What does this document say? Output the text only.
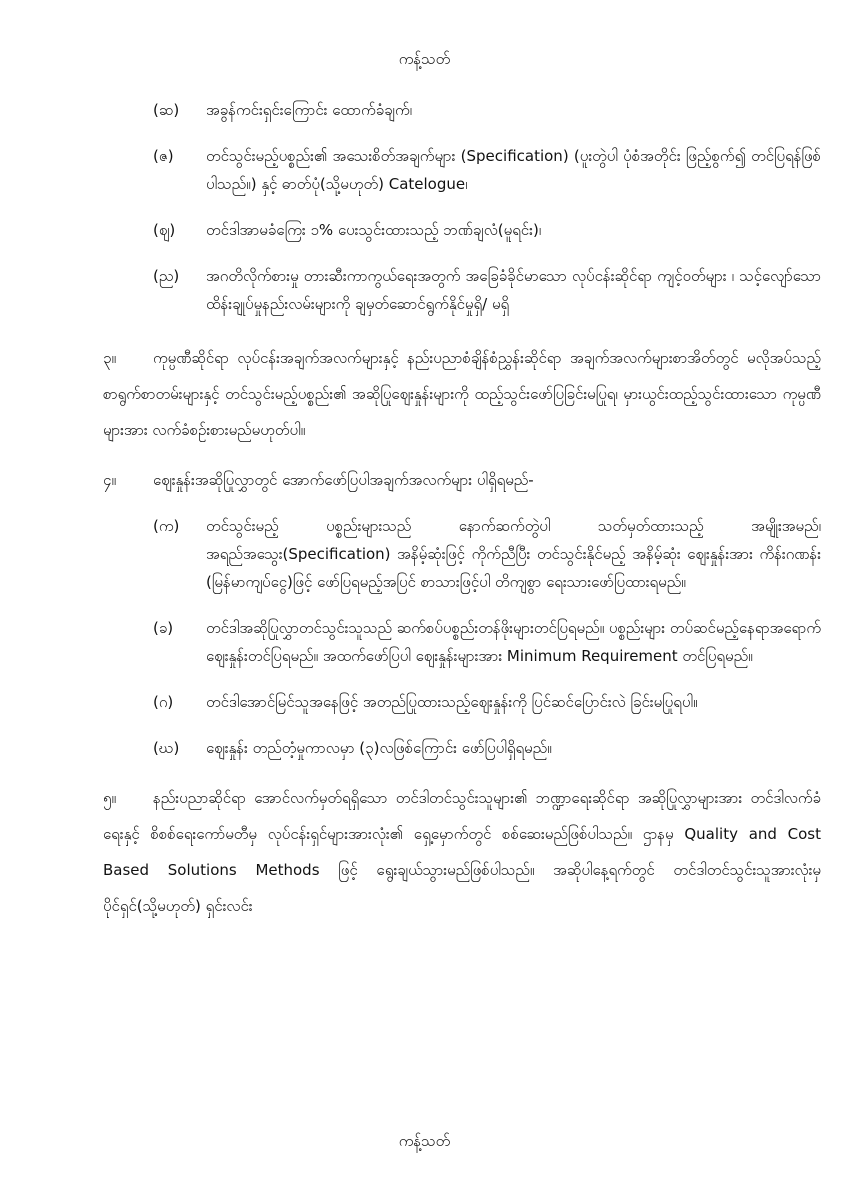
ကန့်သတ်
(ဆ)	အခွန်ကင်းရှင်းကြောင်း ထောက်ခံချက်၊
(ဇ)	တင်သွင်းမည့်ပစ္စည်း၏ အသေးစိတ်အချက်များ (Specification) (ပူးတွဲပါ ပုံစံအတိုင်း ဖြည့်စွက်၍ တင်ပြရန်ဖြစ်ပါသည်။) နှင့် ဓာတ်ပုံ(သို့မဟုတ်) Catelogue၊
(ဈ)	တင်ဒါအာမခံကြေး ၁% ပေးသွင်းထားသည့် ဘဏ်ချလံ(မူရင်း)၊
(ည)	အဂတိလိုက်စားမှု တားဆီးကာကွယ်ရေးအတွက် အခြေခံခိုင်မာသော လုပ်ငန်းဆိုင်ရာ ကျင့်ဝတ်များ ၊ သင့်လျော်သောထိန်းချုပ်မှုနည်းလမ်းများကို ချမှတ်ဆောင်ရွက်နိုင်မှုရှိ/ မရှိ
၃။ ကုမ္ပဏီဆိုင်ရာ လုပ်ငန်းအချက်အလက်များနှင့် နည်းပညာစံချိန်စံညွှန်းဆိုင်ရာ အချက်အလက်များစာအိတ်တွင် မလိုအပ်သည့် စာရွက်စာတမ်းများနှင့် တင်သွင်းမည့်ပစ္စည်း၏ အဆိုပြုဈေးနှုန်းများကို ထည့်သွင်းဖော်ပြခြင်းမပြုရ၊ မှားယွင်းထည့်သွင်းထားသော ကုမ္ပဏီများအား လက်ခံစဉ်းစားမည်မဟုတ်ပါ။
၄။ ဈေးနှုန်းအဆိုပြုလွှာတွင် အောက်ဖော်ပြပါအချက်အလက်များ ပါရှိရမည်-
(က)	တင်သွင်းမည့် ပစ္စည်းများသည် နောက်ဆက်တွဲပါ သတ်မှတ်ထားသည့် အမျိုးအမည်၊ အရည်အသွေး(Specification) အနိမ့်ဆုံးဖြင့် ကိုက်ညီပြီး တင်သွင်းနိုင်မည့် အနိမ့်ဆုံး ဈေးနှုန်းအား ကိန်းဂဏန်း (မြန်မာကျပ်ငွေ)ဖြင့် ဖော်ပြရမည့်အပြင် စာသားဖြင့်ပါ တိကျစွာ ရေးသားဖော်ပြထားရမည်။
(ခ)	တင်ဒါအဆိုပြုလွှာတင်သွင်းသူသည် ဆက်စပ်ပစ္စည်းတန်ဖိုးများတင်ပြရမည်။ ပစ္စည်းများ တပ်ဆင်မည့်နေရာအရောက်ဈေးနှုန်းတင်ပြရမည်။ အထက်ဖော်ပြပါ ဈေးနှုန်းများအား Minimum Requirement တင်ပြရမည်။
(ဂ)	တင်ဒါအောင်မြင်သူအနေဖြင့် အတည်ပြုထားသည့်ဈေးနှုန်းကို ပြင်ဆင်ပြောင်းလဲ ခြင်းမပြုရပါ။
(ဃ)	ဈေးနှုန်း တည်တံ့မှုကာလမှာ (၃)လဖြစ်ကြောင်း ဖော်ပြပါရှိရမည်။
၅။ နည်းပညာဆိုင်ရာ အောင်လက်မှတ်ရရှိသော တင်ဒါတင်သွင်းသူများ၏ ဘဏ္ဍာရေးဆိုင်ရာ အဆိုပြုလွှာများအား တင်ဒါလက်ခံရေးနှင့် စိစစ်ရေးကော်မတီမှ လုပ်ငန်းရှင်များအားလုံး၏ ရှေ့မှောက်တွင် စစ်ဆေးမည်ဖြစ်ပါသည်။ ဌာနမှ Quality and Cost Based Solutions Methods ဖြင့် ရွေးချယ်သွားမည်ဖြစ်ပါသည်။ အဆိုပါနေ့ရက်တွင် တင်ဒါတင်သွင်းသူအားလုံးမှ ပိုင်ရှင်(သို့မဟုတ်) ရှင်းလင်း
ကန့်သတ်
